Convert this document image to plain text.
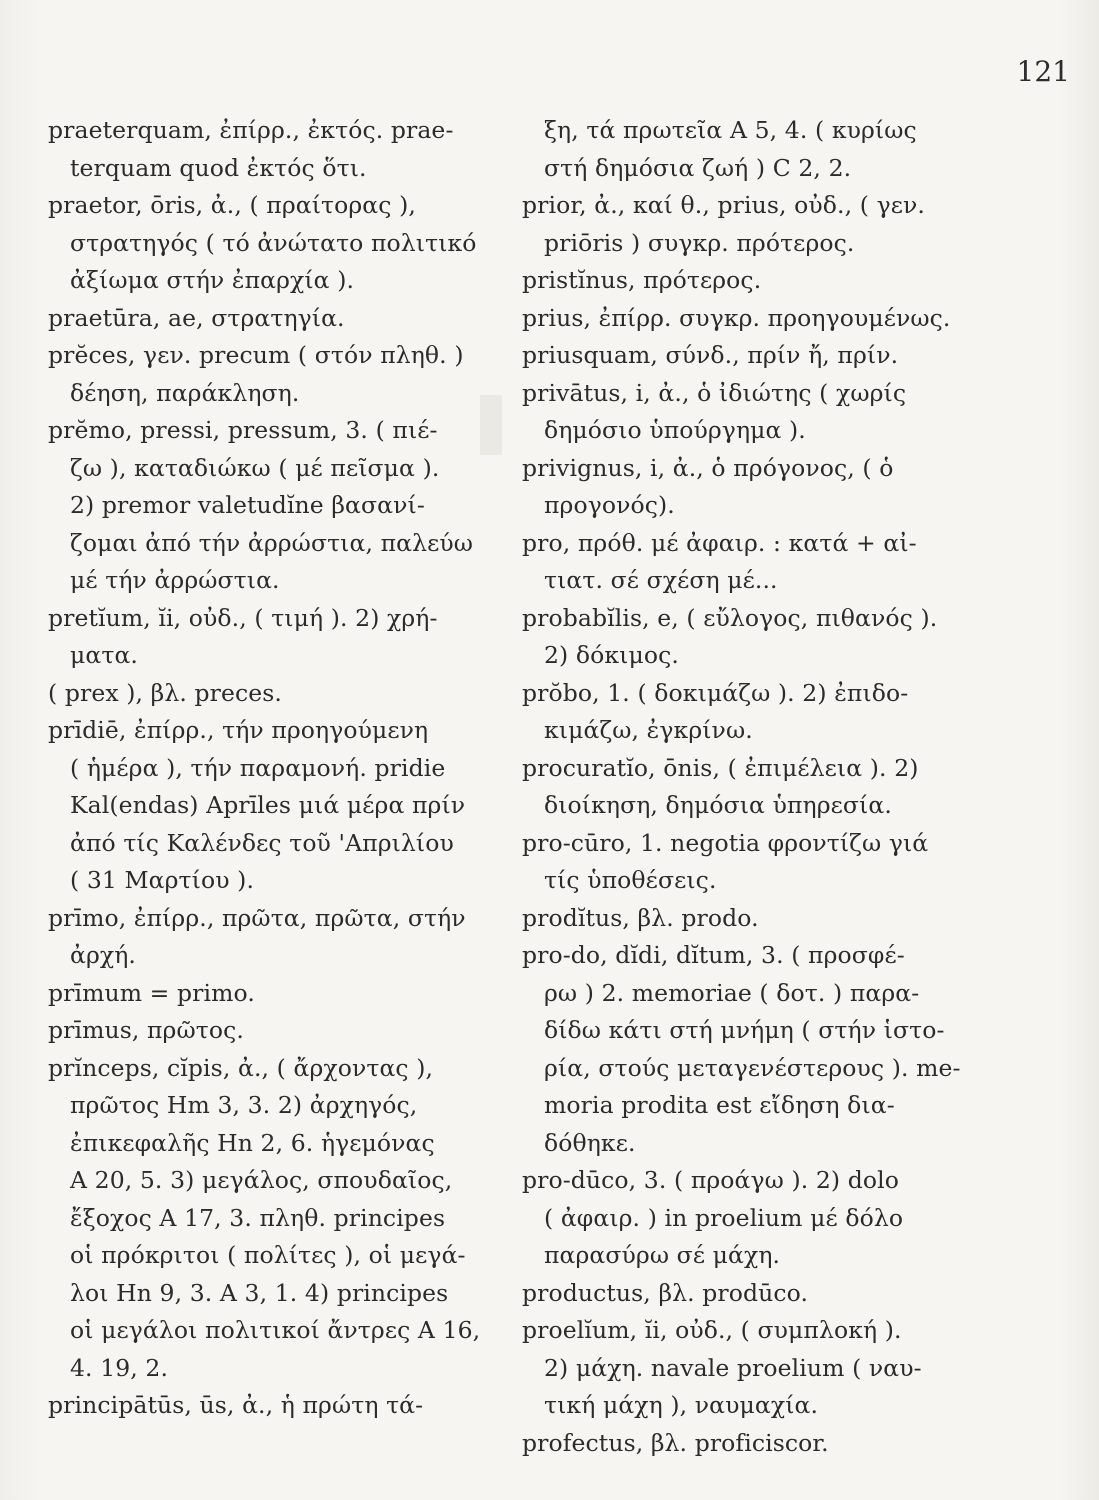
121
praeterquam, ἐπίρρ., ἐκτός. prae-
terquam quod ἐκτός ὅτι.
praetor, ōris, ἀ., ( πραίτορας ),
στρατηγός ( τό ἀνώτατο πολιτικό
ἀξίωμα στήν ἐπαρχία ).
praetūra, ae, στρατηγία.
prĕces, γεν. precum ( στόν πληθ. )
δέηση, παράκληση.
prĕmo, pressi, pressum, 3. ( πιέ-
ζω ), καταδιώκω ( μέ πεῖσμα ).
2) premor valetudĭne βασανί-
ζομαι ἀπό τήν ἀρρώστια, παλεύω
μέ τήν ἀρρώστια.
pretĭum, ĭi, οὐδ., ( τιμή ). 2) χρή-
ματα.
( prex ), βλ. preces.
prīdiē, ἐπίρρ., τήν προηγούμενη
( ἡμέρα ), τήν παραμονή. pridie
Kal(endas) Aprīles μιά μέρα πρίν
ἀπό τίς Καλένδες τοῦ 'Απριλίου
( 31 Μαρτίου ).
prīmo, ἐπίρρ., πρῶτα, πρῶτα, στήν
ἀρχή.
prīmum = primo.
prīmus, πρῶτος.
prĭnceps, cĭpis, ἀ., ( ἄρχοντας ),
πρῶτος Hm 3, 3. 2) ἀρχηγός,
ἐπικεφαλῆς Hn 2, 6. ἡγεμόνας
A 20, 5. 3) μεγάλος, σπουδαῖος,
ἔξοχος A 17, 3. πληθ. principes
οἱ πρόκριτοι ( πολίτες ), οἱ μεγά-
λοι Hn 9, 3. A 3, 1. 4) principes
οἱ μεγάλοι πολιτικοί ἄντρες A 16,
4. 19, 2.
principātūs, ūs, ἀ., ἡ πρώτη τά-
ξη, τά πρωτεῖα A 5, 4. ( κυρίως
στή δημόσια ζωή ) C 2, 2.
prior, ἀ., καί θ., prius, οὐδ., ( γεν.
priōris ) συγκρ. πρότερος.
pristĭnus, πρότερος.
prius, ἐπίρρ. συγκρ. προηγουμένως.
priusquam, σύνδ., πρίν ἤ, πρίν.
privātus, i, ἀ., ὁ ἰδιώτης ( χωρίς
δημόσιο ὑπούργημα ).
privignus, i, ἀ., ὁ πρόγονος, ( ὁ
προγονός).
pro, πρόθ. μέ ἀφαιρ. : κατά + αἰ-
τιατ. σέ σχέση μέ...
probabĭlis, e, ( εὔλογος, πιθανός ).
2) δόκιμος.
prŏbo, 1. ( δοκιμάζω ). 2) ἐπιδο-
κιμάζω, ἐγκρίνω.
procuratĭo, ōnis, ( ἐπιμέλεια ). 2)
διοίκηση, δημόσια ὑπηρεσία.
pro-cūro, 1. negotia φροντίζω γιά
τίς ὑποθέσεις.
prodĭtus, βλ. prodo.
pro-do, dĭdi, dĭtum, 3. ( προσφέ-
ρω ) 2. memoriae ( δοτ. ) παρα-
δίδω κάτι στή μνήμη ( στήν ἱστο-
ρία, στούς μεταγενέστερους ). me-
moria prodita est εἴδηση δια-
δόθηκε.
pro-dūco, 3. ( προάγω ). 2) dolo
( ἀφαιρ. ) in proelium μέ δόλο
παρασύρω σέ μάχη.
productus, βλ. prodūco.
proelĭum, ĭi, οὐδ., ( συμπλοκή ).
2) μάχη. navale proelium ( ναυ-
τική μάχη ), ναυμαχία.
profectus, βλ. proficiscor.
